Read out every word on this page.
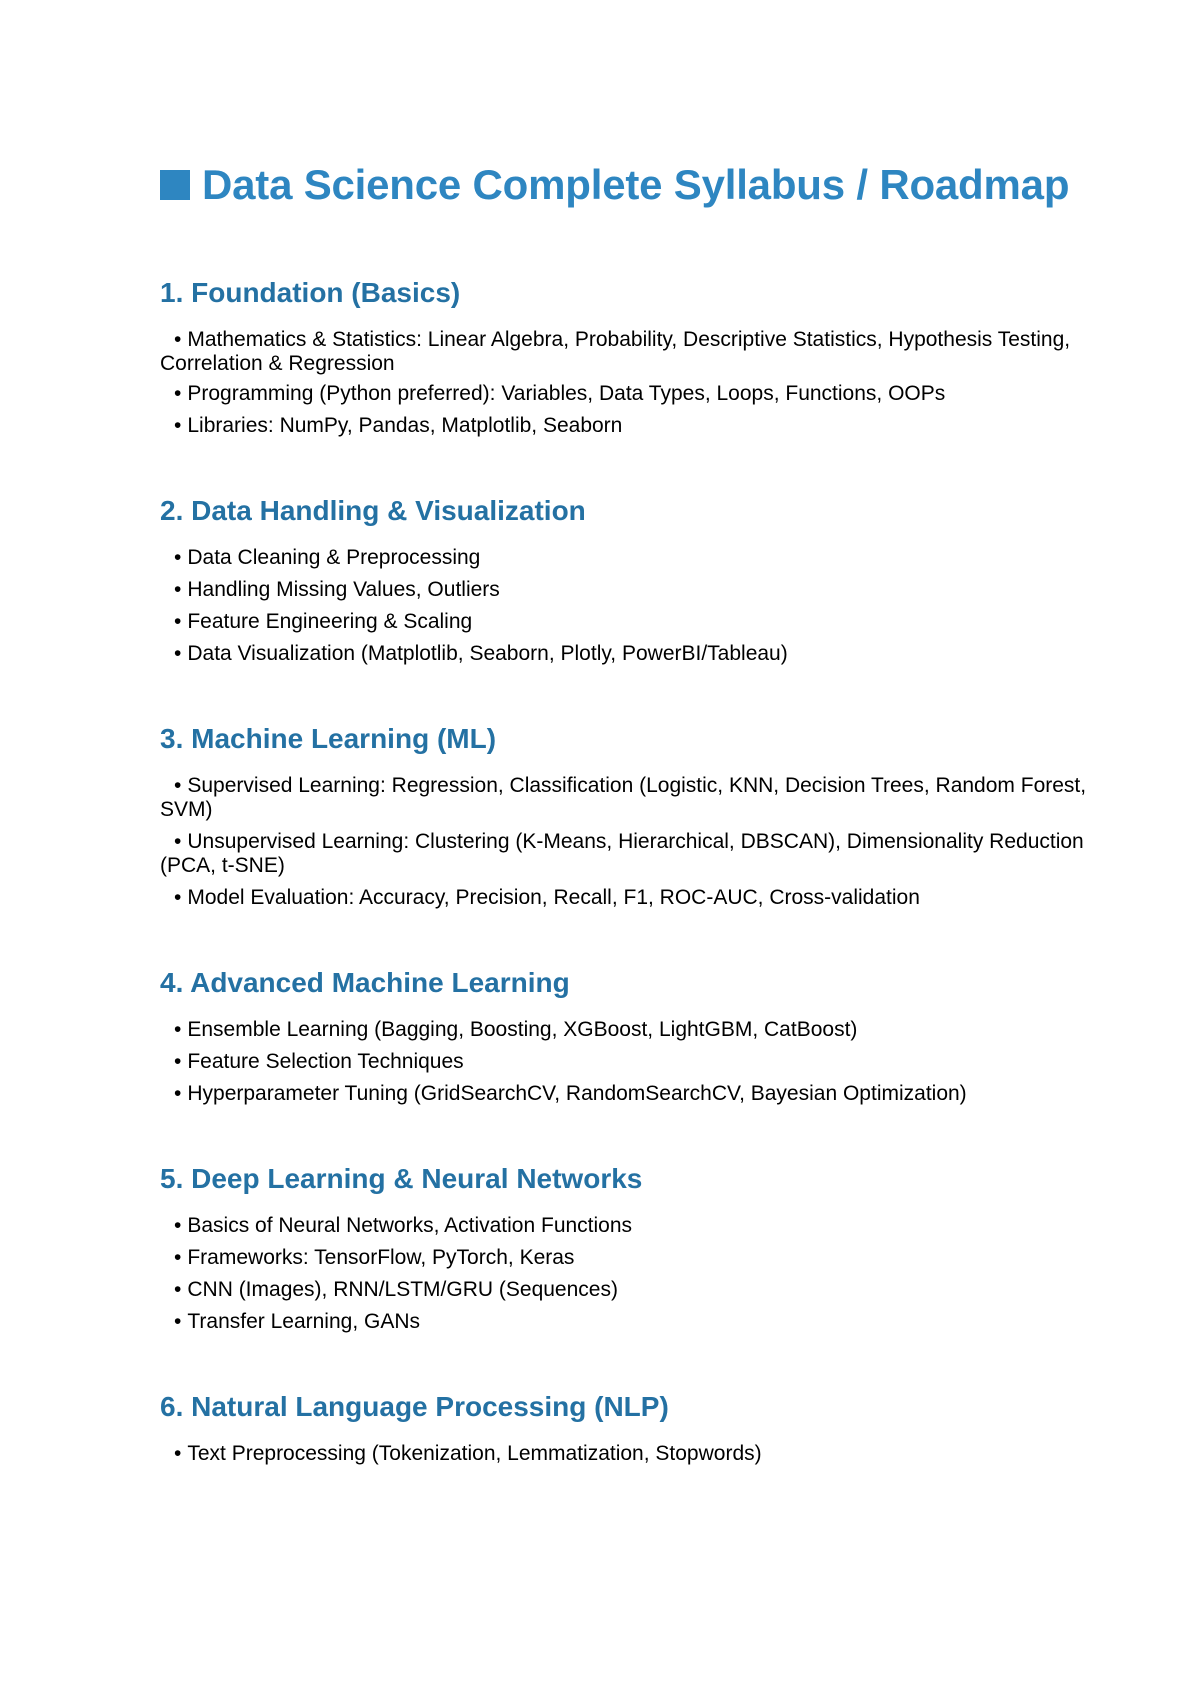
Data Science Complete Syllabus / Roadmap
1. Foundation (Basics)
• Mathematics & Statistics: Linear Algebra, Probability, Descriptive Statistics, Hypothesis Testing, Correlation & Regression
• Programming (Python preferred): Variables, Data Types, Loops, Functions, OOPs
• Libraries: NumPy, Pandas, Matplotlib, Seaborn
2. Data Handling & Visualization
• Data Cleaning & Preprocessing
• Handling Missing Values, Outliers
• Feature Engineering & Scaling
• Data Visualization (Matplotlib, Seaborn, Plotly, PowerBI/Tableau)
3. Machine Learning (ML)
• Supervised Learning: Regression, Classification (Logistic, KNN, Decision Trees, Random Forest, SVM)
• Unsupervised Learning: Clustering (K-Means, Hierarchical, DBSCAN), Dimensionality Reduction (PCA, t-SNE)
• Model Evaluation: Accuracy, Precision, Recall, F1, ROC-AUC, Cross-validation
4. Advanced Machine Learning
• Ensemble Learning (Bagging, Boosting, XGBoost, LightGBM, CatBoost)
• Feature Selection Techniques
• Hyperparameter Tuning (GridSearchCV, RandomSearchCV, Bayesian Optimization)
5. Deep Learning & Neural Networks
• Basics of Neural Networks, Activation Functions
• Frameworks: TensorFlow, PyTorch, Keras
• CNN (Images), RNN/LSTM/GRU (Sequences)
• Transfer Learning, GANs
6. Natural Language Processing (NLP)
• Text Preprocessing (Tokenization, Lemmatization, Stopwords)
